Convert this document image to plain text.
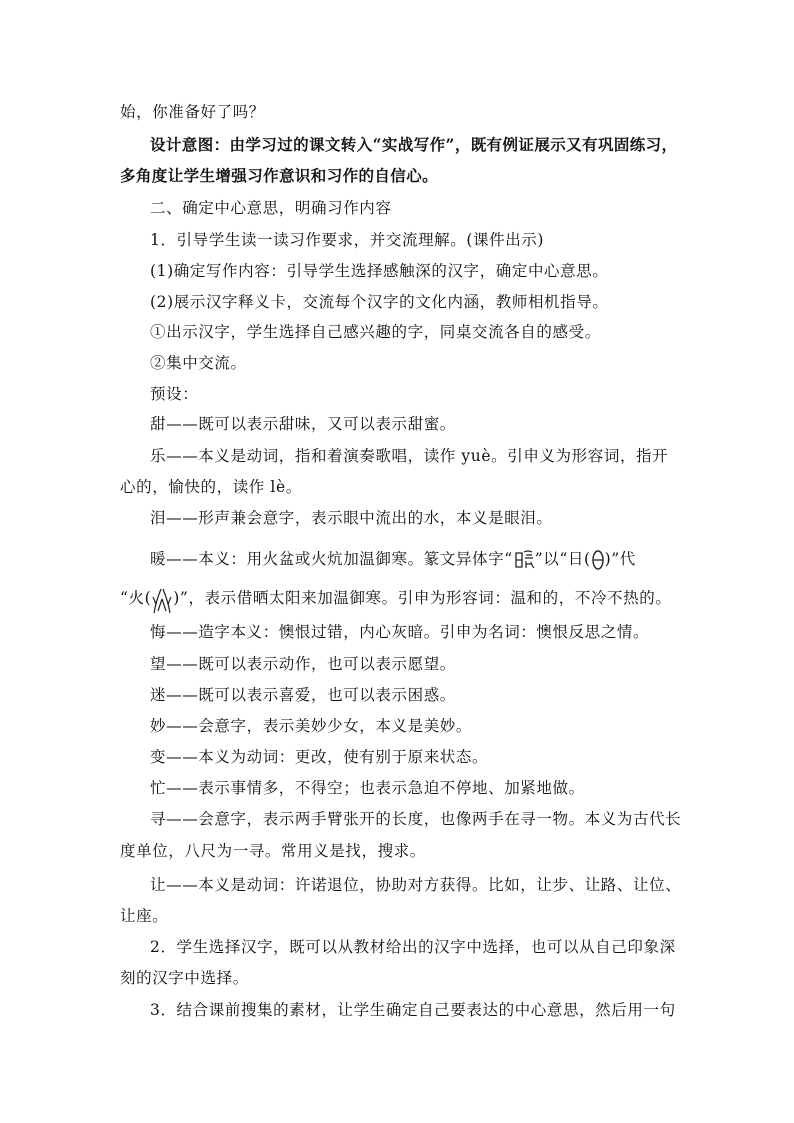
始，你准备好了吗？
设计意图：由学习过的课文转入“实战写作”，既有例证展示又有巩固练习，
多角度让学生增强习作意识和习作的自信心。
二、确定中心意思，明确习作内容
1．引导学生读一读习作要求，并交流理解。(课件出示)
(1)确定写作内容：引导学生选择感触深的汉字，确定中心意思。
(2)展示汉字释义卡，交流每个汉字的文化内涵，教师相机指导。
①出示汉字，学生选择自己感兴趣的字，同桌交流各自的感受。
②集中交流。
预设：
甜——既可以表示甜味，又可以表示甜蜜。
乐——本义是动词，指和着演奏歌唱，读作 yuè。引申义为形容词，指开
心的，愉快的，读作 lè。
泪——形声兼会意字，表示眼中流出的水，本义是眼泪。
暖——本义：用火盆或火炕加温御寒。篆文异体字“ ”以“日( )”代
“火( )”，表示借晒太阳来加温御寒。引申为形容词：温和的，不冷不热的。
悔——造字本义：懊恨过错，内心灰暗。引申为名词：懊恨反思之情。
望——既可以表示动作，也可以表示愿望。
迷——既可以表示喜爱，也可以表示困惑。
妙——会意字，表示美妙少女，本义是美妙。
变——本义为动词：更改，使有别于原来状态。
忙——表示事情多，不得空；也表示急迫不停地、加紧地做。
寻——会意字，表示两手臂张开的长度，也像两手在寻一物。本义为古代长
度单位，八尺为一寻。常用义是找，搜求。
让——本义是动词：许诺退位，协助对方获得。比如，让步、让路、让位、
让座。
2．学生选择汉字，既可以从教材给出的汉字中选择，也可以从自己印象深
刻的汉字中选择。
3．结合课前搜集的素材，让学生确定自己要表达的中心意思，然后用一句
